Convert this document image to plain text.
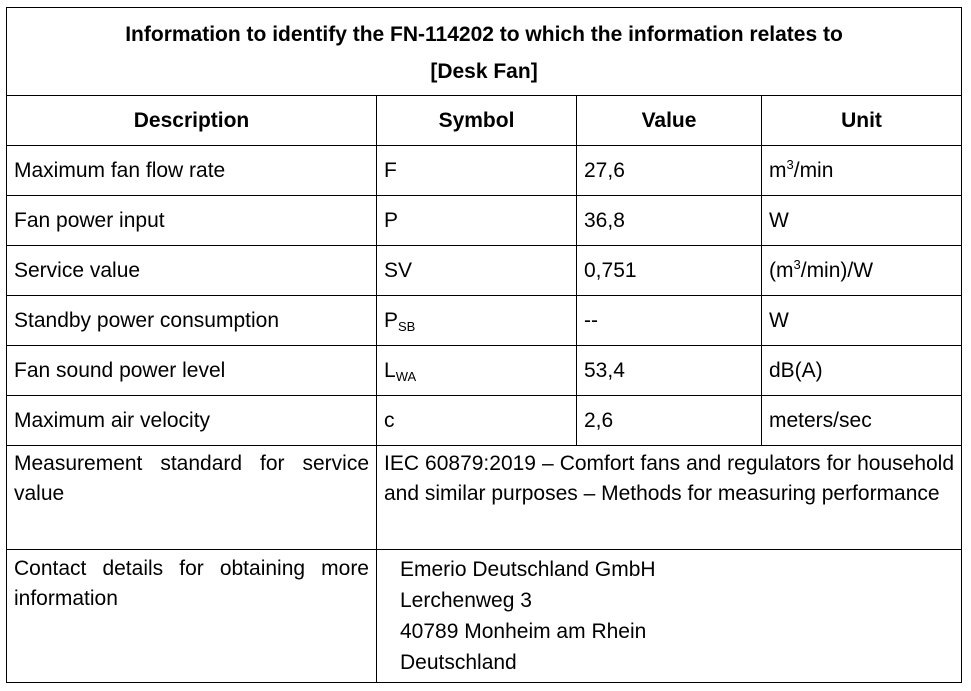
Information to identify the FN-114202 to which the information relates to
[Desk Fan]			

Description	Symbol	Value	Unit
Maximum fan flow rate	F	27,6	$m^3/\min$
Fan power input	P	36,8	W
Service value	SV	0,751	$(m^3/\min)/W$
Standby power consumption	$P_{SB}$	--	W
Fan sound power level	$L_{WA}$	53,4	dB(A)
Maximum air velocity	c	2,6	meters/sec
Measurement standard for service value	IEC 60879:2019 – Comfort fans and regulators for household and similar purposes – Methods for measuring performance		
Contact details for obtaining more information	Emerio Deutschland GmbH
Lerchenweg 3
40789 Monheim am Rhein
Deutschland		
